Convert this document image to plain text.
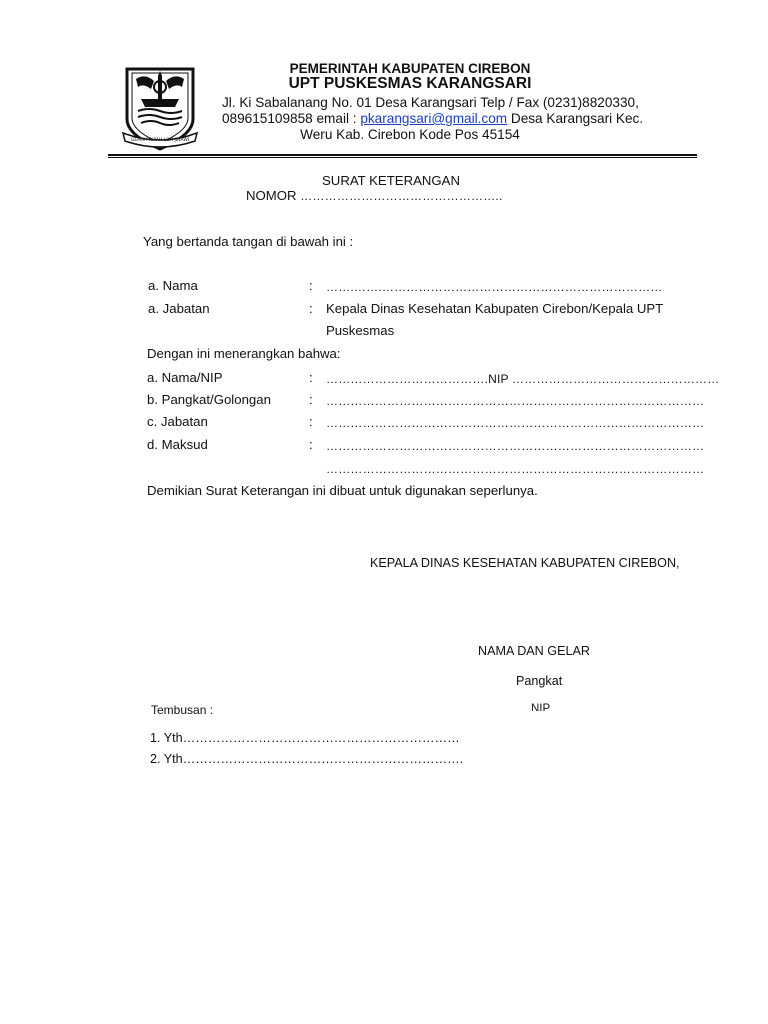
GEMAH RIPAH LOH JINAWI
PEMERINTAH KABUPATEN CIREBON
UPT PUSKESMAS KARANGSARI
Jl. Ki Sabalanang No. 01 Desa Karangsari Telp / Fax (0231)8820330,
089615109858 email : pkarangsari@gmail.com Desa Karangsari Kec.
Weru Kab. Cirebon Kode Pos 45154
SURAT KETERANGAN
NOMOR …………………………………………..
Yang bertanda tangan di bawah ini :
a. Nama	: …….…….……………………………………………………………
a. Jabatan	: Kepala Dinas Kesehatan Kabupaten Cirebon/Kepala UPT
Puskesmas
Dengan ini menerangkan bahwa:
a. Nama/NIP	: ………………………………….NIP ……………………………………………
b. Pangkat/Golongan	: …………………………………………………………………………………
c. Jabatan	: …………………………………………………………………………………
d. Maksud	: …………………………………………………………………………………
…………………………………………………………………………………
Demikian Surat Keterangan ini dibuat untuk digunakan seperlunya.
KEPALA DINAS KESEHATAN KABUPATEN CIREBON,
NAMA DAN GELAR
Pangkat
NIP
Tembusan :
1. Yth…………………………………………………………
2. Yth………………………………………………………….
